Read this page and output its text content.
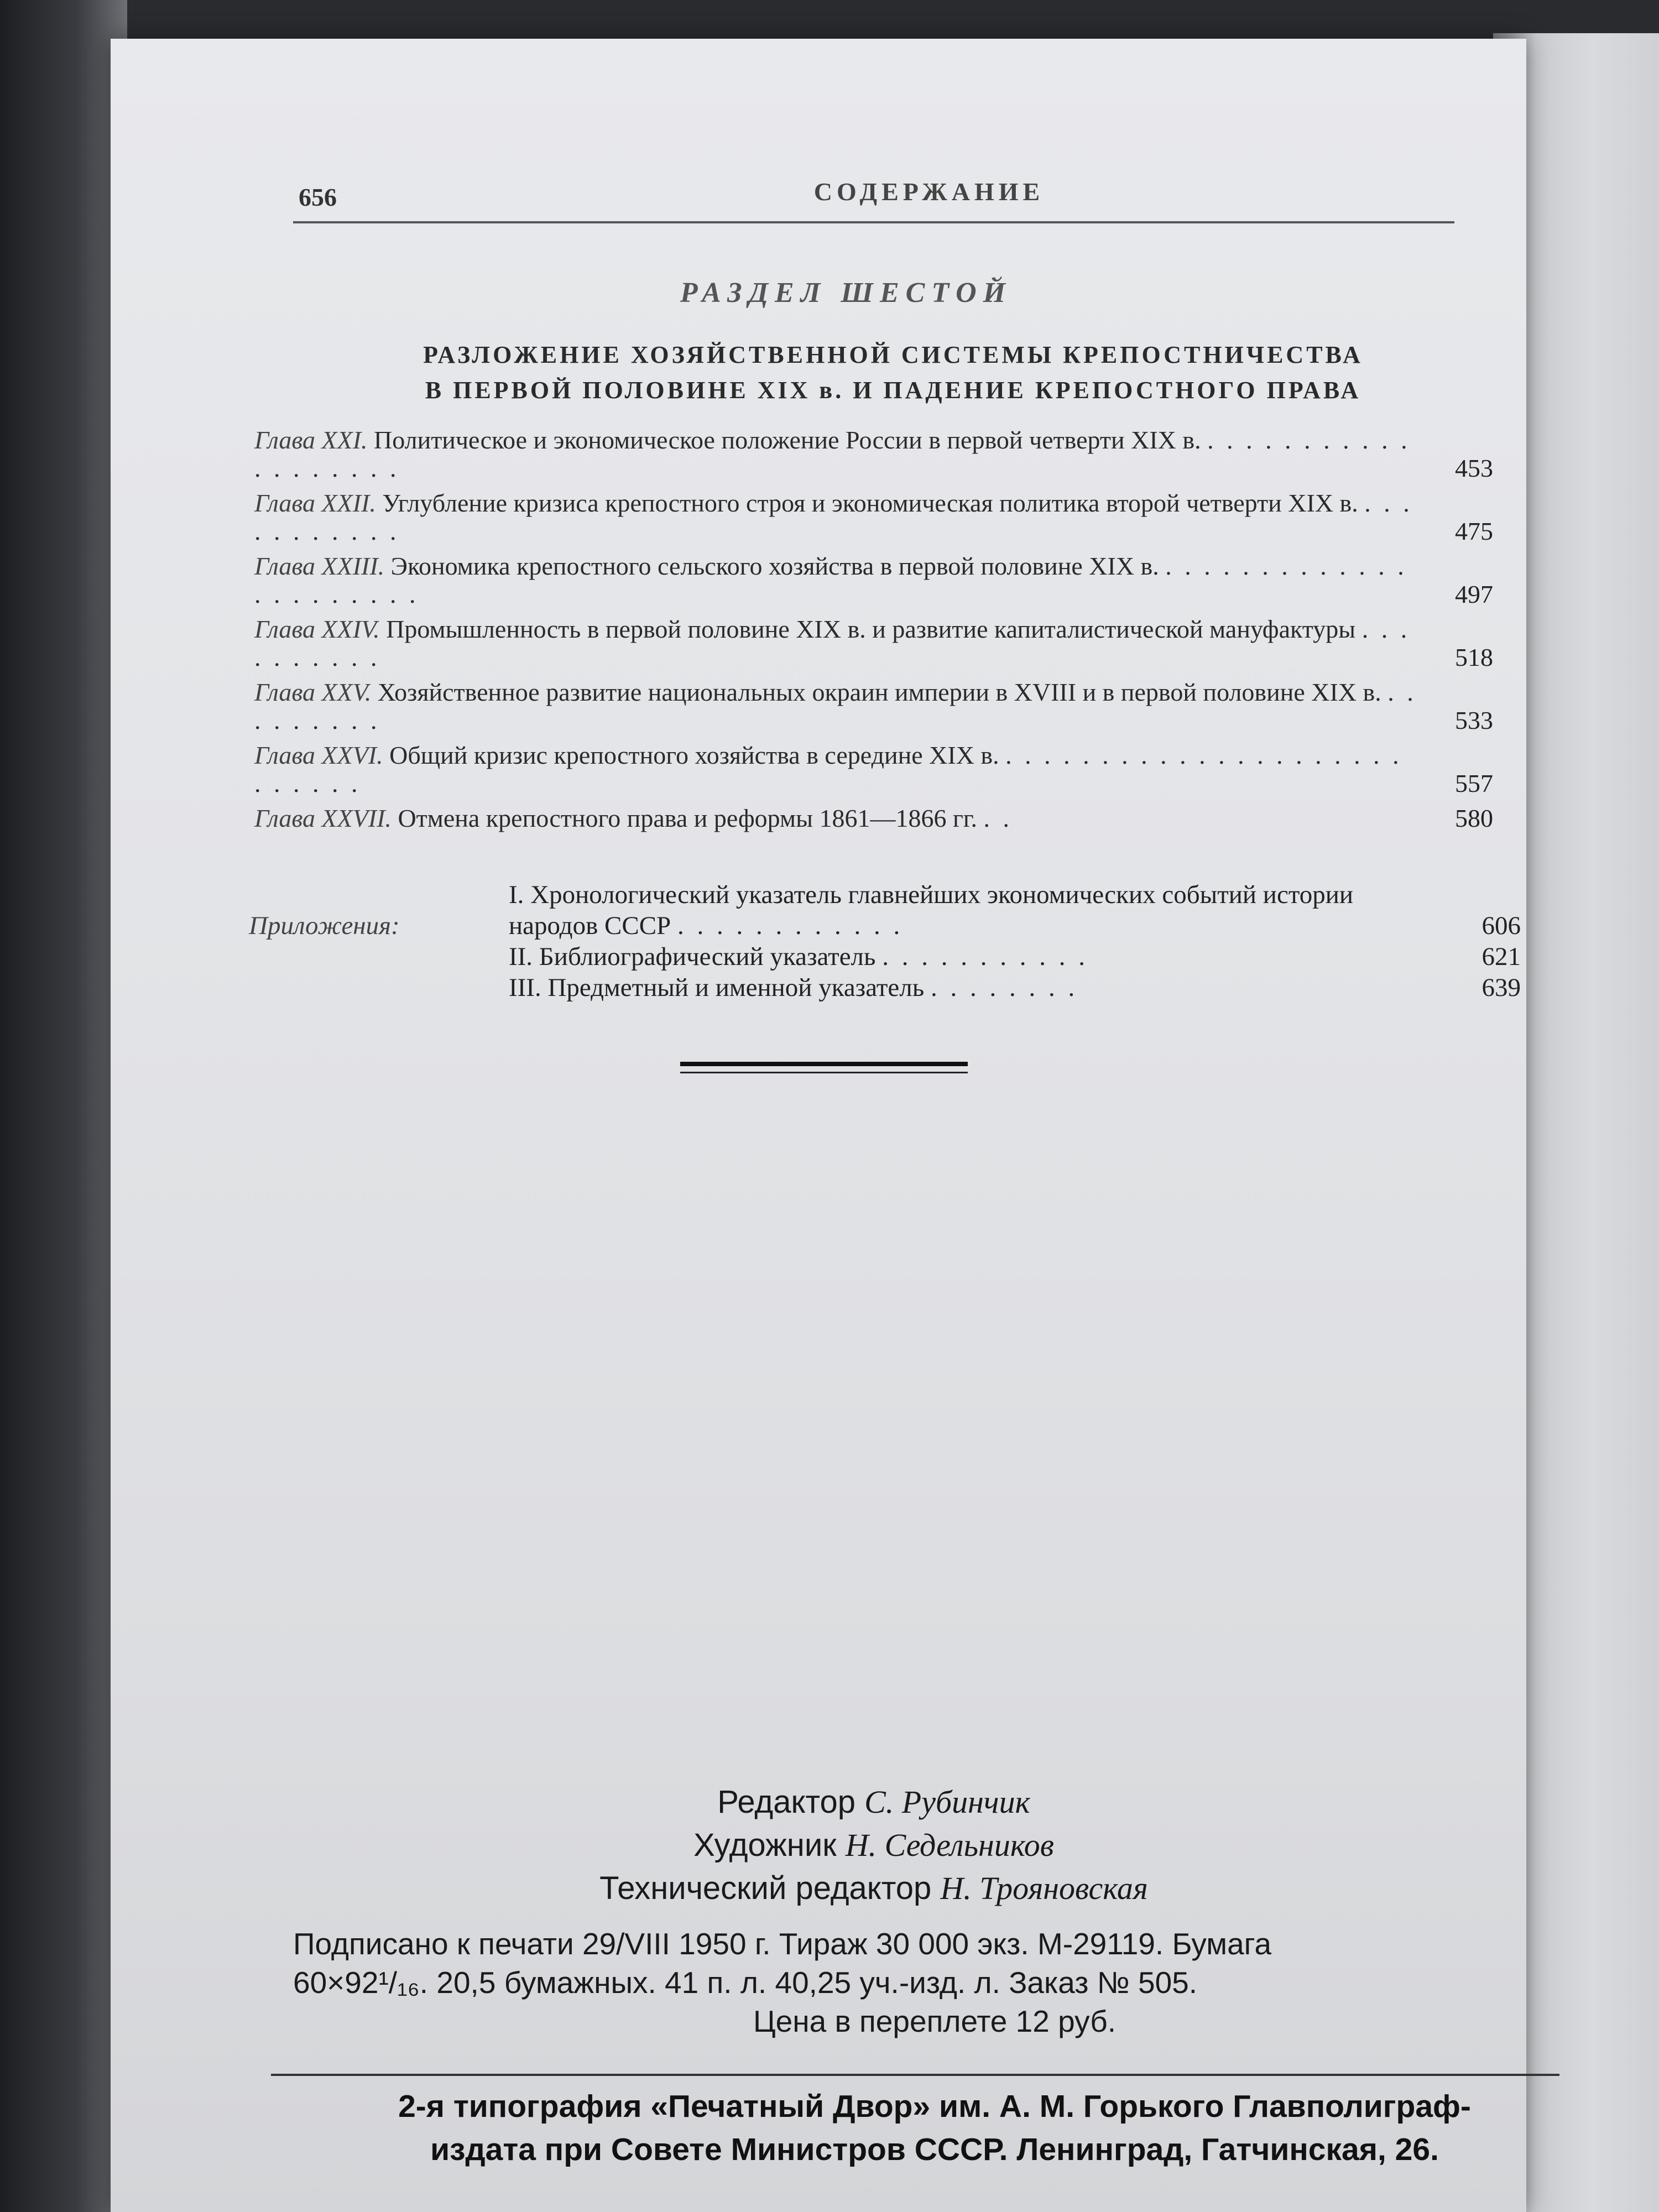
656	СОДЕРЖАНИЕ
РАЗДЕЛ ШЕСТОЙ
РАЗЛОЖЕНИЕ ХОЗЯЙСТВЕННОЙ СИСТЕМЫ КРЕПОСТНИЧЕСТВА
В ПЕРВОЙ ПОЛОВИНЕ XIX в. И ПАДЕНИЕ КРЕПОСТНОГО ПРАВА
Глава XXI. Политическое и экономическое положение России в первой четверти XIX в. . . . . . . . . . . . . . . . . . . .	453
Глава XXII. Углубление кризиса крепостного строя и экономическая политика второй четверти XIX в. . . . . . . . . . . .	475
Глава XXIII. Экономика крепостного сельского хозяйства в первой половине XIX в. . . . . . . . . . . . . . . . . . . . . . .	497
Глава XXIV. Промышленность в первой половине XIX в. и развитие капиталистической мануфактуры . . . . . . . . . .	518
Глава XXV. Хозяйственное развитие национальных окраин империи в XVIII и в первой половине XIX в. . . . . . . . . .	533
Глава XXVI. Общий кризис крепостного хозяйства в середине XIX в. . . . . . . . . . . . . . . . . . . . . . . . . . . .	557
Глава XXVII. Отмена крепостного права и реформы 1861—1866 гг. . .	580
Приложения:
I. Хронологический указатель главнейших экономических событий истории народов СССР . . . . . . . . . . . .	606
II. Библиографический указатель . . . . . . . . . . .	621
III. Предметный и именной указатель . . . . . . . .	639
Редактор С. Рубинчик
Художник Н. Седельников
Технический редактор Н. Трояновская
Подписано к печати 29/VIII 1950 г. Тираж 30 000 экз. М-29119. Бумага
60×92¹/₁₆. 20,5 бумажных. 41 п. л. 40,25 уч.-изд. л. Заказ № 505.
Цена в переплете 12 руб.
2-я типография «Печатный Двор» им. А. М. Горького Главполиграф-
издата при Совете Министров СССР. Ленинград, Гатчинская, 26.
